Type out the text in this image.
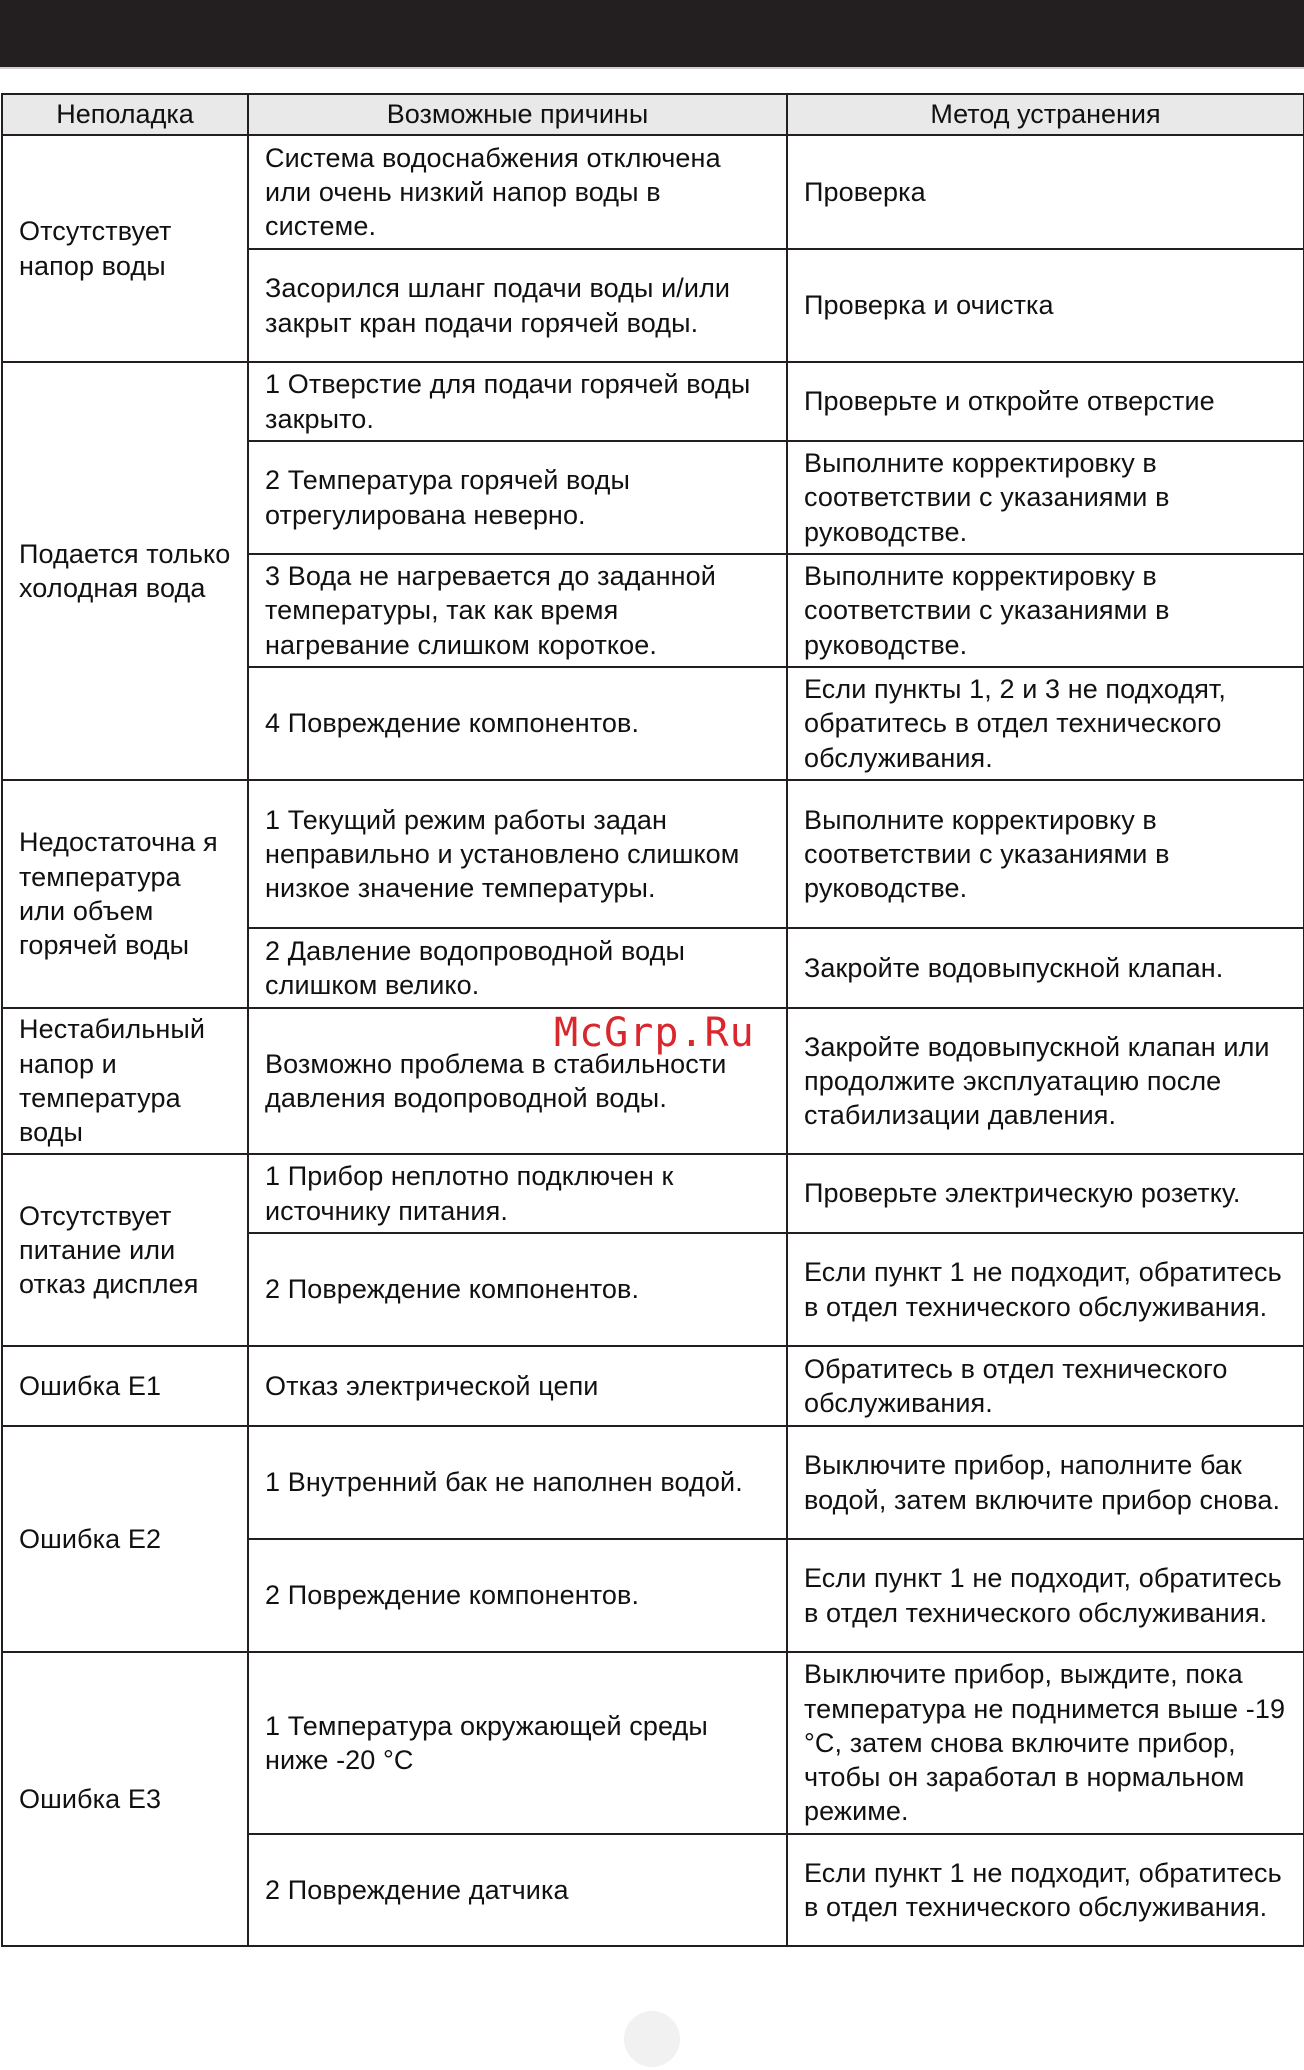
Неполадка	Возможные причины	Метод устранения
Отсутствует напор воды	Система водоснабжения отключена или очень низкий напор воды в системе.	Проверка
	Засорился шланг подачи воды и/или закрыт кран подачи горячей воды.	Проверка и очистка
Подается только холодная вода	1 Отверстие для подачи горячей воды закрыто.	Проверьте и откройте отверстие
	2 Температура горячей воды отрегулирована неверно.	Выполните корректировку в соответствии с указаниями в руководстве.
	3 Вода не нагревается до заданной температуры, так как время нагревание слишком короткое.	Выполните корректировку в соответствии с указаниями в руководстве.
	4 Повреждение компонентов.	Если пункты 1, 2 и 3 не подходят, обратитесь в отдел технического обслуживания.
Недостаточна я температура или объем горячей воды	1 Текущий режим работы задан неправильно и установлено слишком низкое значение температуры.	Выполните корректировку в соответствии с указаниями в руководстве.
	2 Давление водопроводной воды слишком велико.	Закройте водовыпускной клапан.
Нестабильный напор и температура воды	Возможно проблема в стабильности давления водопроводной воды.	Закройте водовыпускной клапан или продолжите эксплуатацию после стабилизации давления.
Отсутствует питание или отказ дисплея	1 Прибор неплотно подключен к источнику питания.	Проверьте электрическую розетку.
	2 Повреждение компонентов.	Если пункт 1 не подходит, обратитесь в отдел технического обслуживания.
Ошибка E1	Отказ электрической цепи	Обратитесь в отдел технического обслуживания.
Ошибка E2	1 Внутренний бак не наполнен водой.	Выключите прибор, наполните бак водой, затем включите прибор снова.
	2 Повреждение компонентов.	Если пункт 1 не подходит, обратитесь в отдел технического обслуживания.
Ошибка E3	1 Температура окружающей среды ниже -20 °C	Выключите прибор, выждите, пока температура не поднимется выше -19 °C, затем снова включите прибор, чтобы он заработал в нормальном режиме.
	2 Повреждение датчика	Если пункт 1 не подходит, обратитесь в отдел технического обслуживания.
McGrp.Ru
